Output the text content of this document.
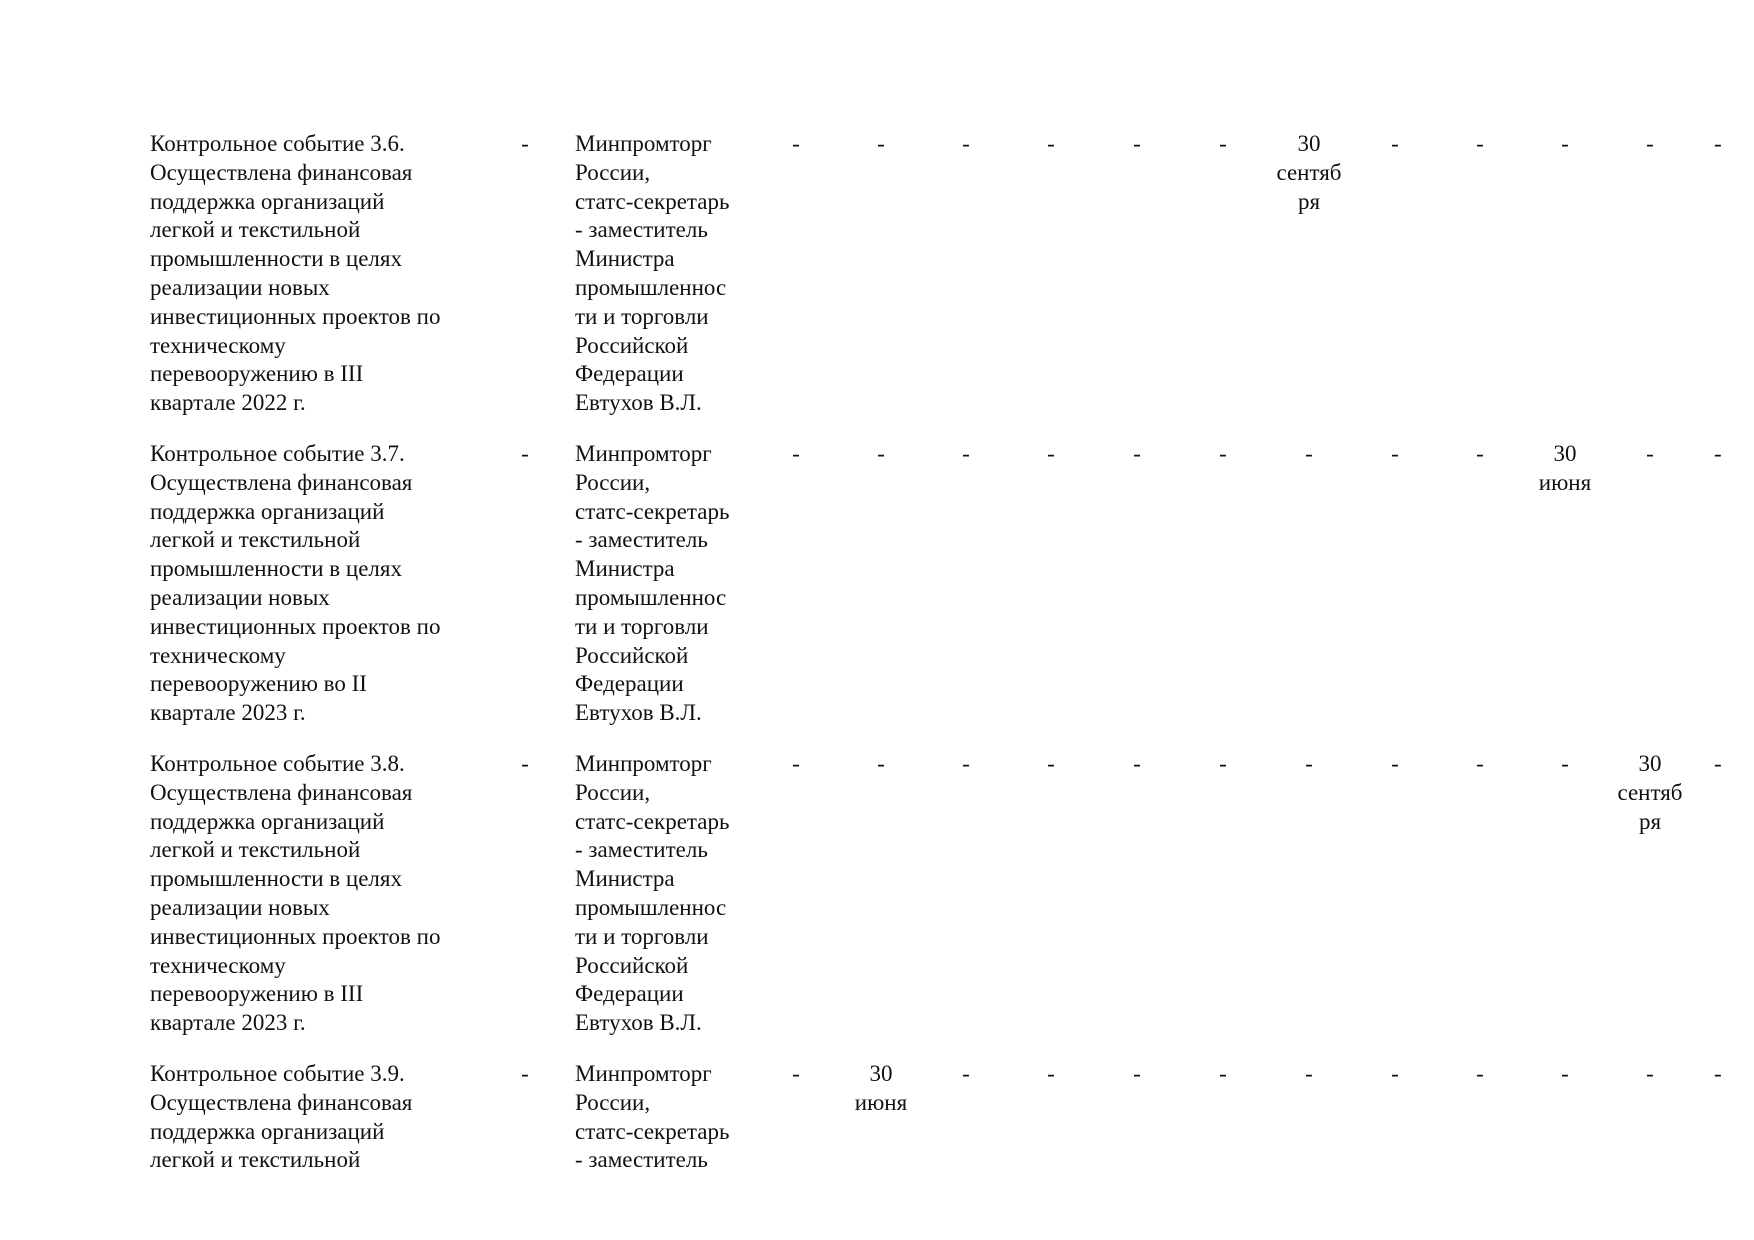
Контрольное событие 3.6.
Осуществлена финансовая
поддержка организаций
легкой и текстильной
промышленности в целях
реализации новых
инвестиционных проектов по
техническому
перевооружению в III
квартале 2022 г.
-	Минпромторг
России,
статс-секретарь
- заместитель
Министра
промышленнос
ти и торговли
Российской
Федерации
Евтухов В.Л.
-	-	-	-	-	-	30
сентяб
ря
-	-	-	-	-
Контрольное событие 3.7.
Осуществлена финансовая
поддержка организаций
легкой и текстильной
промышленности в целях
реализации новых
инвестиционных проектов по
техническому
перевооружению во II
квартале 2023 г.
-	Минпромторг
России,
статс-секретарь
- заместитель
Министра
промышленнос
ти и торговли
Российской
Федерации
Евтухов В.Л.
-	-	-	-	-	-	-	-	-	30
июня
-	-
Контрольное событие 3.8.
Осуществлена финансовая
поддержка организаций
легкой и текстильной
промышленности в целях
реализации новых
инвестиционных проектов по
техническому
перевооружению в III
квартале 2023 г.
-	Минпромторг
России,
статс-секретарь
- заместитель
Министра
промышленнос
ти и торговли
Российской
Федерации
Евтухов В.Л.
-	-	-	-	-	-	-	-	-	-	30
сентяб
ря
-
Контрольное событие 3.9.
Осуществлена финансовая
поддержка организаций
легкой и текстильной
-	Минпромторг
России,
статс-секретарь
- заместитель
-	30
июня
-	-	-	-	-	-	-	-	-	-
